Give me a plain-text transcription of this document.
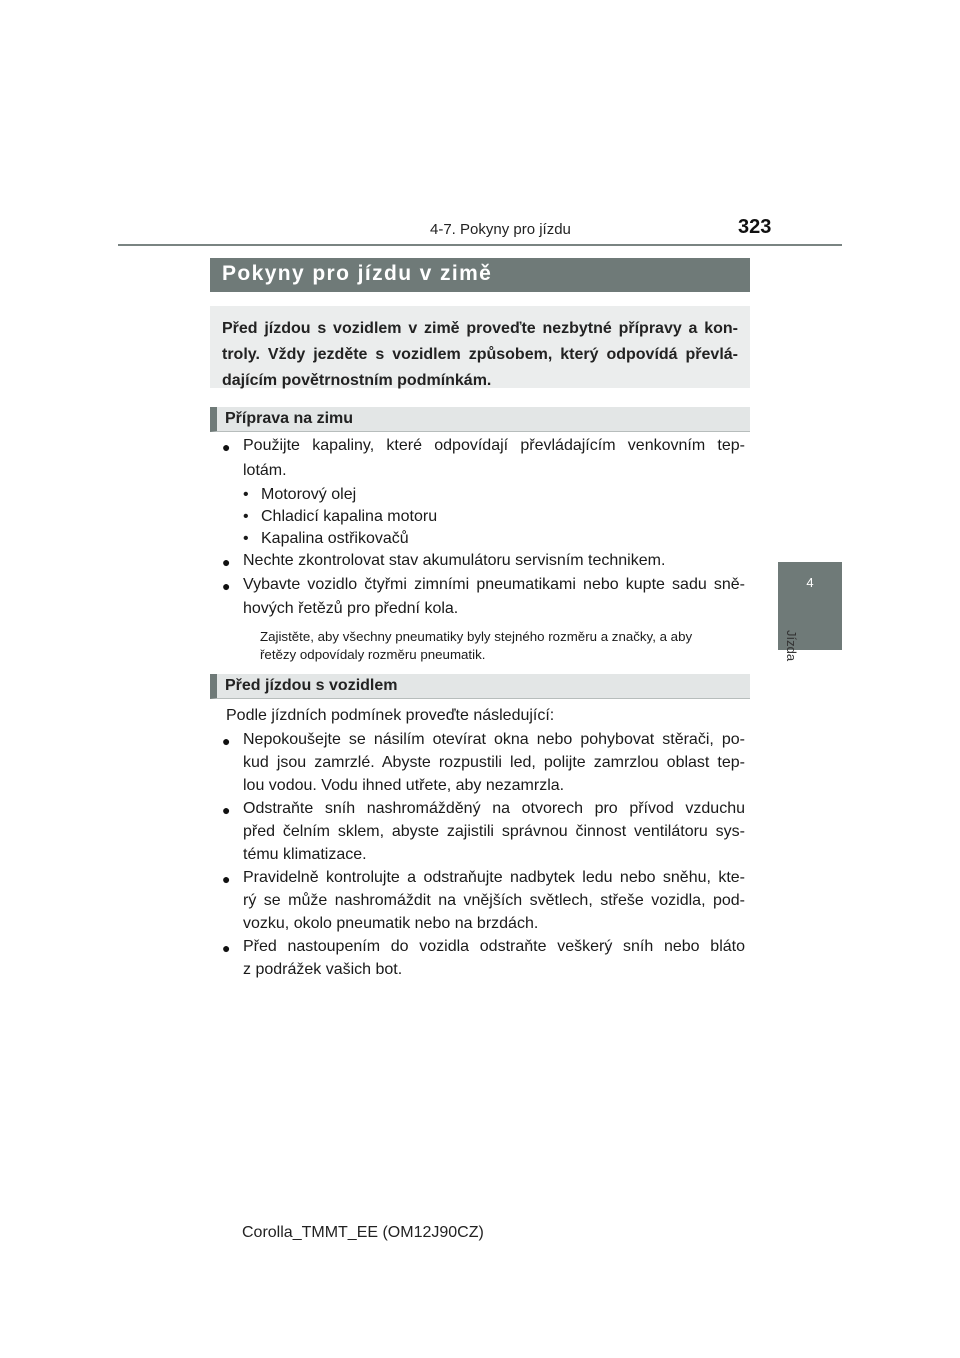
4-7. Pokyny pro jízdu	323
4
Jízda
Pokyny pro jízdu v zimě
Před jízdou s vozidlem v zimě proveďte nezbytné přípravy a kon-
troly. Vždy jezděte s vozidlem způsobem, který odpovídá převlá-
dajícím povětrnostním podmínkám.
Příprava na zimu
● Použijte kapaliny, které odpovídají převládajícím venkovním tep-
lotám.
• Motorový olej
• Chladicí kapalina motoru
• Kapalina ostřikovačů
● Nechte zkontrolovat stav akumulátoru servisním technikem.
● Vybavte vozidlo čtyřmi zimními pneumatikami nebo kupte sadu sně-
hových řetězů pro přední kola.
Zajistěte, aby všechny pneumatiky byly stejného rozměru a značky, a aby
řetězy odpovídaly rozměru pneumatik.
Před jízdou s vozidlem
Podle jízdních podmínek proveďte následující:
● Nepokoušejte se násilím otevírat okna nebo pohybovat stěrači, po-
kud jsou zamrzlé. Abyste rozpustili led, polijte zamrzlou oblast tep-
lou vodou. Vodu ihned utřete, aby nezamrzla.
● Odstraňte sníh nashromážděný na otvorech pro přívod vzduchu
před čelním sklem, abyste zajistili správnou činnost ventilátoru sys-
tému klimatizace.
● Pravidelně kontrolujte a odstraňujte nadbytek ledu nebo sněhu, kte-
rý se může nashromáždit na vnějších světlech, střeše vozidla, pod-
vozku, okolo pneumatik nebo na brzdách.
● Před nastoupením do vozidla odstraňte veškerý sníh nebo bláto
z podrážek vašich bot.
Corolla_TMMT_EE (OM12J90CZ)
